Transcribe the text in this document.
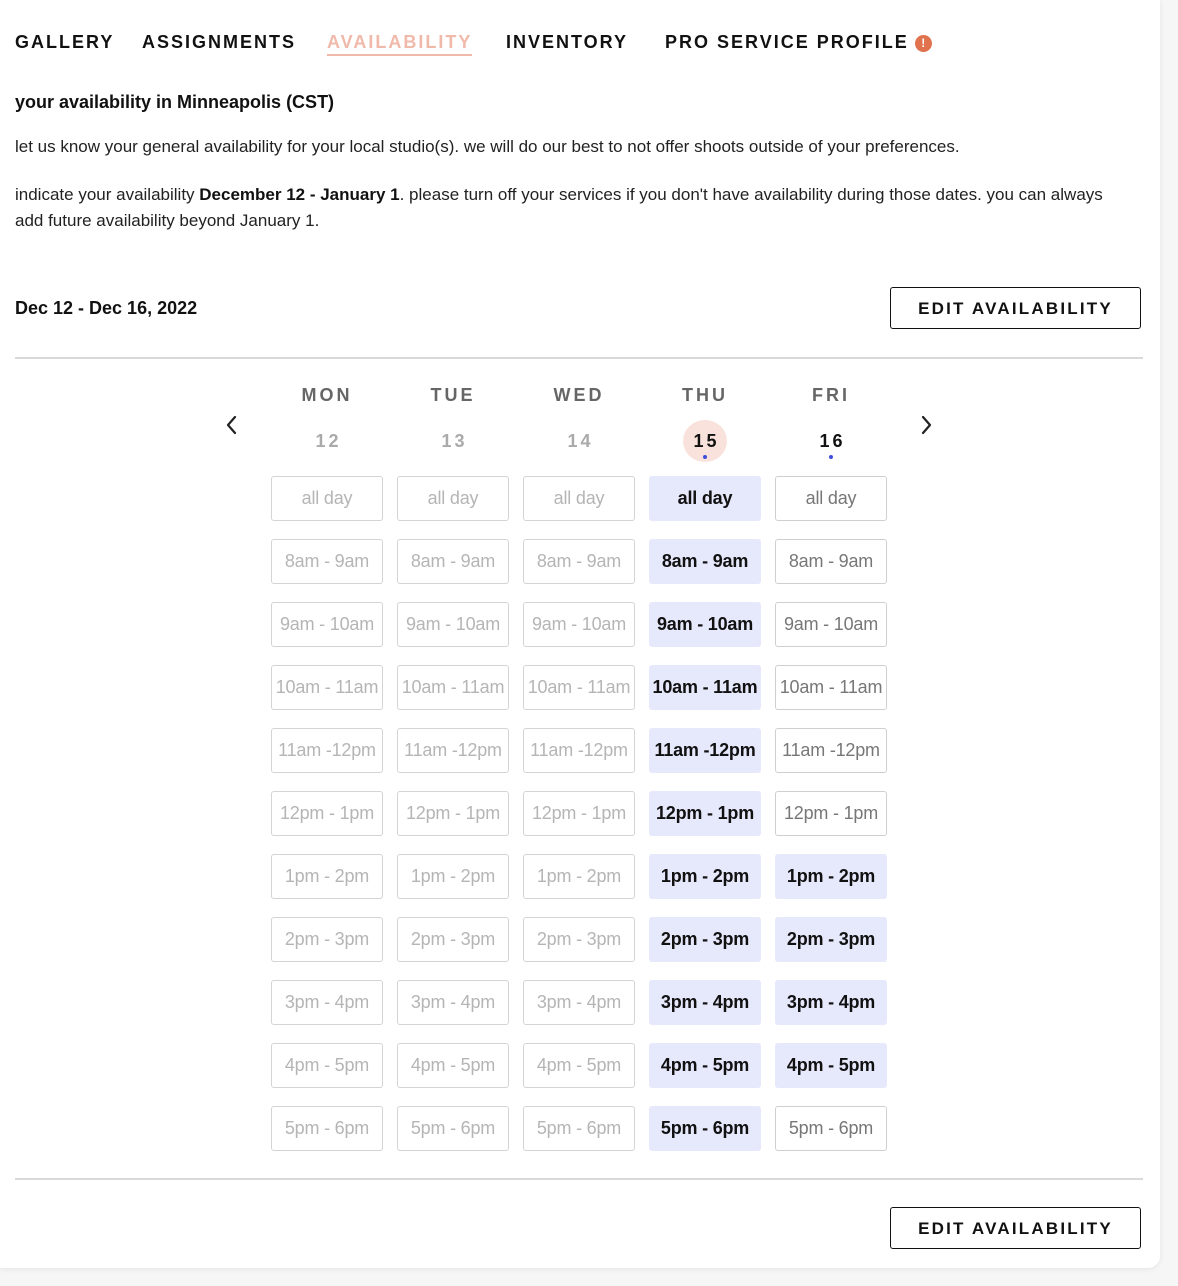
GALLERY ASSIGNMENTS AVAILABILITY INVENTORY PRO SERVICE PROFILE !
your availability in Minneapolis (CST)
let us know your general availability for your local studio(s). we will do our best to not offer shoots outside of your preferences.
indicate your availability December 12 - January 1. please turn off your services if you don't have availability during those dates. you can always add future availability beyond January 1.
Dec 12 - Dec 16, 2022	EDIT AVAILABILITY
MON
12
all day
8am - 9am
9am - 10am
10am - 11am
11am -12pm
12pm - 1pm
1pm - 2pm
2pm - 3pm
3pm - 4pm
4pm - 5pm
5pm - 6pm
TUE
13
all day
8am - 9am
9am - 10am
10am - 11am
11am -12pm
12pm - 1pm
1pm - 2pm
2pm - 3pm
3pm - 4pm
4pm - 5pm
5pm - 6pm
WED
14
all day
8am - 9am
9am - 10am
10am - 11am
11am -12pm
12pm - 1pm
1pm - 2pm
2pm - 3pm
3pm - 4pm
4pm - 5pm
5pm - 6pm
THU
15
all day
8am - 9am
9am - 10am
10am - 11am
11am -12pm
12pm - 1pm
1pm - 2pm
2pm - 3pm
3pm - 4pm
4pm - 5pm
5pm - 6pm
FRI
16
all day
8am - 9am
9am - 10am
10am - 11am
11am -12pm
12pm - 1pm
1pm - 2pm
2pm - 3pm
3pm - 4pm
4pm - 5pm
5pm - 6pm
EDIT AVAILABILITY
